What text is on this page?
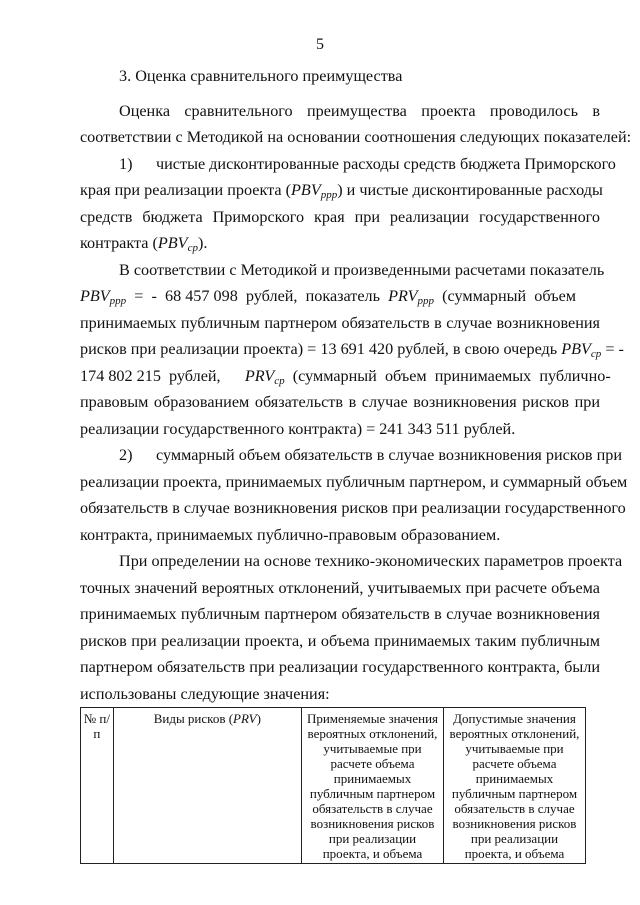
5
3. Оценка сравнительного преимущества
Оценка сравнительного преимущества проекта проводилось в
соответствии с Методикой на основании соотношения следующих показателей:
1) чистые дисконтированные расходы средств бюджета Приморского
края при реализации проекта $(PBV_{ppp})$ и чистые дисконтированные расходы
средств бюджета Приморского края при реализации государственного
контракта $(PBV_{cp})$.
В соответствии с Методикой и произведенными расчетами показатель
$PBV_{ppp}$  =  -  68 457 098  рублей,  показатель  $PRV_{ppp}$  (суммарный  объем
принимаемых публичным партнером обязательств в случае возникновения
рисков при реализации проекта) = 13 691 420 рублей, в свою очередь $PBV_{cp}$ = -
174 802 215  рублей,      $PRV_{cp}$  (суммарный  объем  принимаемых  публично-
правовым образованием обязательств в случае возникновения рисков при
реализации государственного контракта) = 241 343 511 рублей.
2) суммарный объем обязательств в случае возникновения рисков при
реализации проекта, принимаемых публичным партнером, и суммарный объем
обязательств в случае возникновения рисков при реализации государственного
контракта, принимаемых публично-правовым образованием.
При определении на основе технико-экономических параметров проекта
точных значений вероятных отклонений, учитываемых при расчете объема
принимаемых публичным партнером обязательств в случае возникновения
рисков при реализации проекта, и объема принимаемых таким публичным
партнером обязательств при реализации государственного контракта, были
использованы следующие значения:
№ п/п	Виды рисков (PRV)	Применяемые значения вероятных отклонений, учитываемые при расчете объема принимаемых публичным партнером обязательств в случае возникновения рисков при реализации проекта, и объема	Допустимые значения вероятных отклонений, учитываемые при расчете объема принимаемых публичным партнером обязательств в случае возникновения рисков при реализации проекта, и объема
